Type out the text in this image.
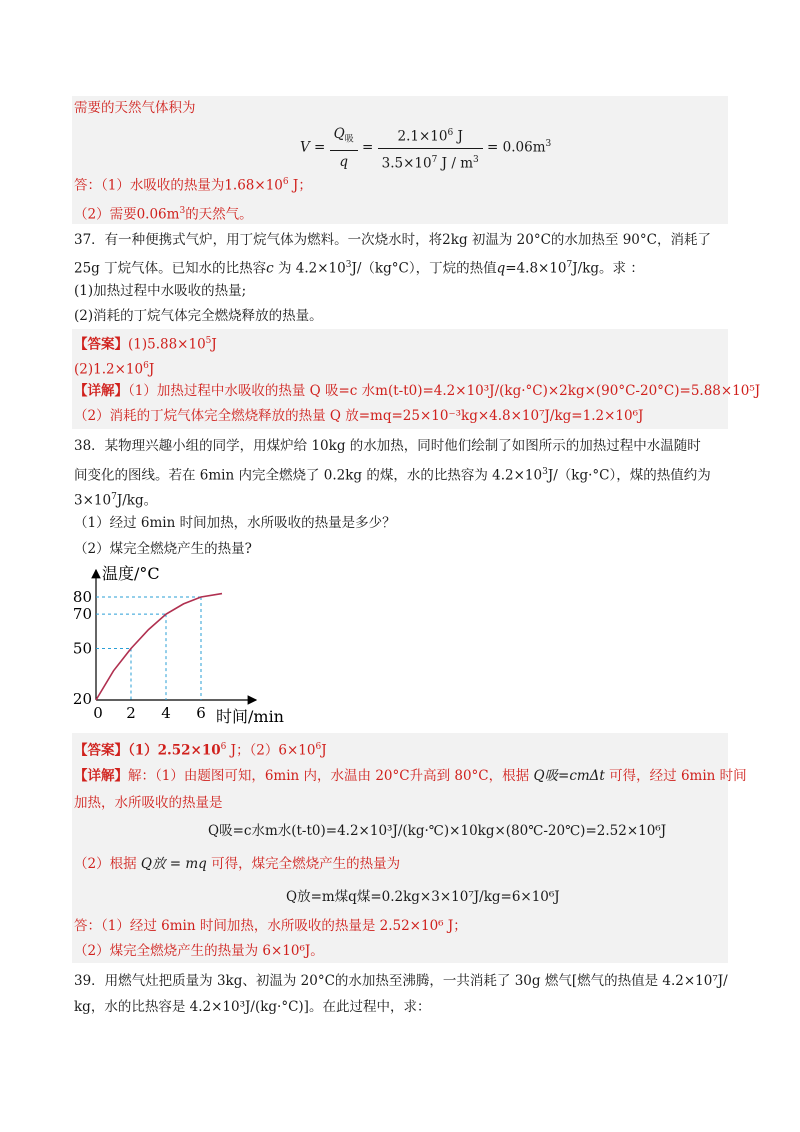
需要的天然气体积为
$V = \frac{Q_吸}{q} = \frac{2.1\times 10^6 J}{3.5\times 10^7 J / m^3} = 0.06m^3$
答：（1）水吸收的热量为$1.68\times 10^6$ J；
（2）需要$0.06m^3$的天然气。
37．有一种便携式气炉，用丁烷气体为燃料。一次烧水时，将2kg 初温为 20°C的水加热至 90°C，消耗了
25g 丁烷气体。已知水的比热容c 为 $4.2\times 10^3J/(kg^\circ C)$，丁烷的热值$q=4.8\times 10^7J/kg$。求 ：
(1)加热过程中水吸收的热量;
(2)消耗的丁烷气体完全燃烧释放的热量。
【答案】$(1)5.88\times 10^5J$
$(2)1.2\times 10^6J$
【详解】（1）加热过程中水吸收的热量 Q 吸=c 水m(t-t0)=4.2×10³J/(kg·°C)×2kg×(90°C-20°C)=5.88×10⁵J
（2）消耗的丁烷气体完全燃烧释放的热量 Q 放=mq=25×10⁻³kg×4.8×10⁷J/kg=1.2×10⁶J
38．某物理兴趣小组的同学，用煤炉给 10kg 的水加热，同时他们绘制了如图所示的加热过程中水温随时
间变化的图线。若在 6min 内完全燃烧了 0.2kg 的煤，水的比热容为 $4.2\times 10^3J/(kg\cdot^\circ C)$，煤的热值约为
$3\times 10^7J/kg$。
（1）经过 6min 时间加热，水所吸收的热量是多少？
（2）煤完全燃烧产生的热量?
20
50
70
80
0 2 4 6
温度/°C
时间/min
【答案】$(1)2.52\times 10^6$ J；$(2)6\times 10^6J$
【详解】解：（1）由题图可知，6min 内，水温由 20°C升高到 80°C，根据 Q吸=cmΔt 可得，经过 6min 时间
加热，水所吸收的热量是
Q吸=c水m水(t-t0)=4.2×10³J/(kg·℃)×10kg×(80℃-20℃)=2.52×10⁶J
（2）根据 Q放 = mq 可得，煤完全燃烧产生的热量为
Q放=m煤q煤=0.2kg×3×10⁷J/kg=6×10⁶J
答：（1）经过 6min 时间加热，水所吸收的热量是 2.52×10⁶ J；
（2）煤完全燃烧产生的热量为 6×10⁶J。
39．用燃气灶把质量为 3kg、初温为 20°C的水加热至沸腾，一共消耗了 30g 燃气[燃气的热值是 4.2×10⁷J/
kg，水的比热容是 4.2×10³J/(kg·°C)]。在此过程中，求：
